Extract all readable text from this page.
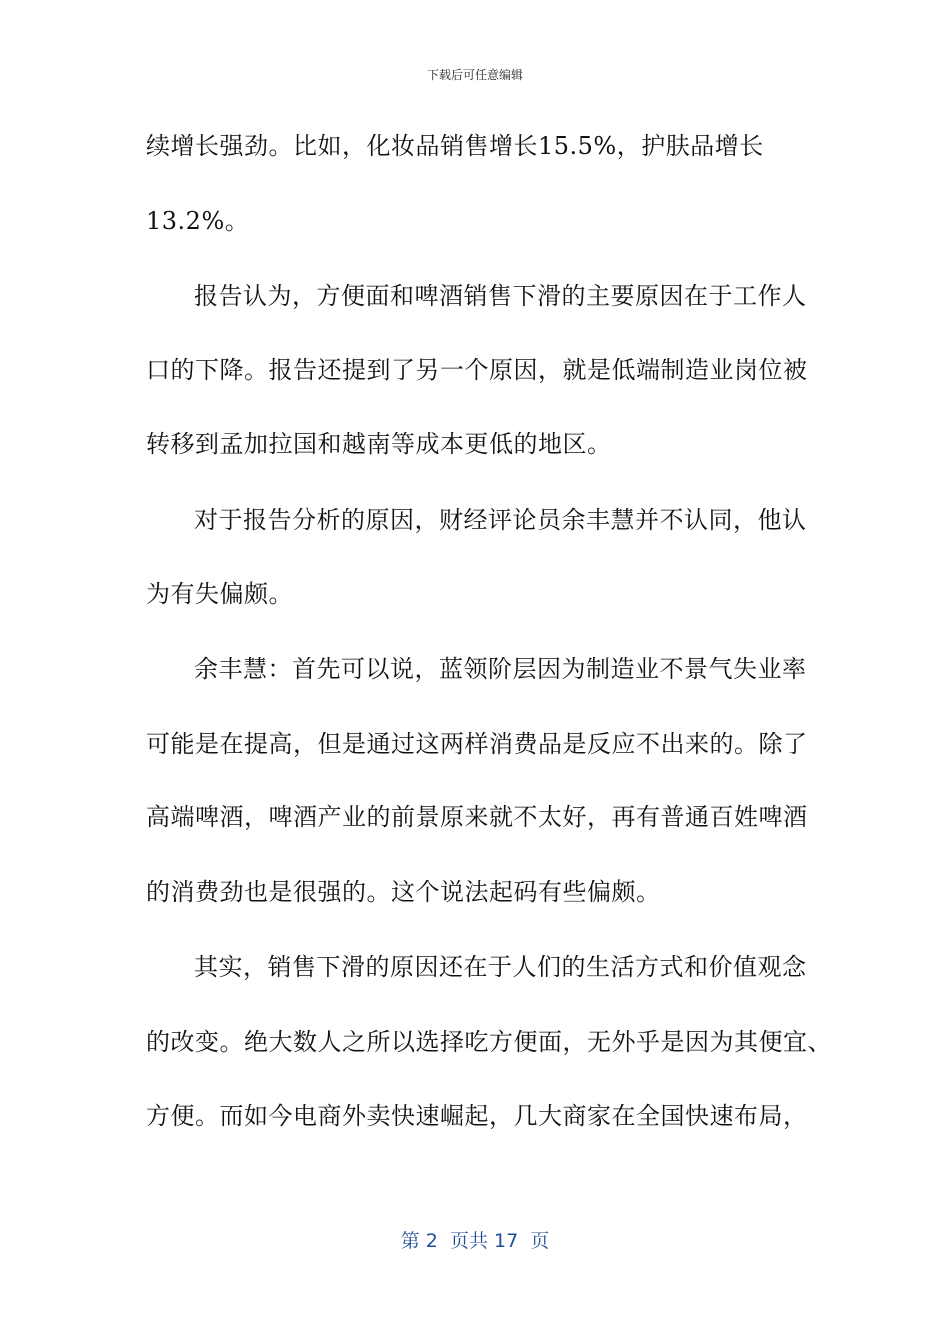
下载后可任意编辑
续增长强劲。比如，化妆品销售增长15.5%，护肤品增长
13.2%。
报告认为，方便面和啤酒销售下滑的主要原因在于工作人
口的下降。报告还提到了另一个原因，就是低端制造业岗位被
转移到孟加拉国和越南等成本更低的地区。
对于报告分析的原因，财经评论员余丰慧并不认同，他认
为有失偏颇。
余丰慧：首先可以说，蓝领阶层因为制造业不景气失业率
可能是在提高，但是通过这两样消费品是反应不出来的。除了
高端啤酒，啤酒产业的前景原来就不太好，再有普通百姓啤酒
的消费劲也是很强的。这个说法起码有些偏颇。
其实，销售下滑的原因还在于人们的生活方式和价值观念
的改变。绝大数人之所以选择吃方便面，无外乎是因为其便宜、
方便。而如今电商外卖快速崛起，几大商家在全国快速布局，
第 2  页共 17  页
